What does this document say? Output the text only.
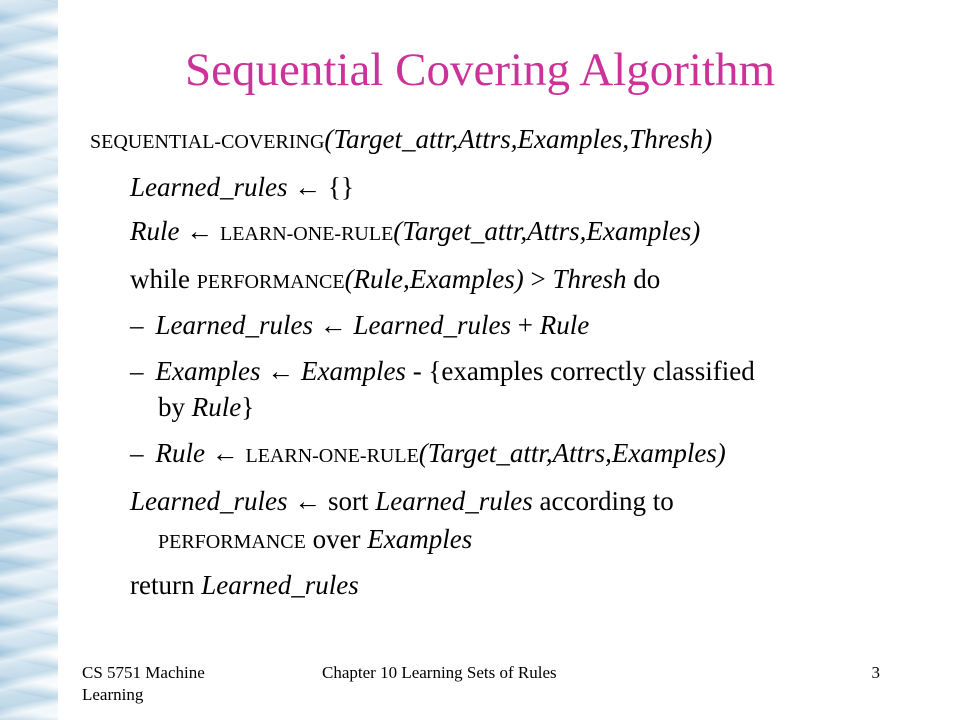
Sequential Covering Algorithm
SEQUENTIAL-COVERING(Target_attr,Attrs,Examples,Thresh)
Learned_rules ← {}
Rule ← LEARN-ONE-RULE(Target_attr,Attrs,Examples)
while PERFORMANCE(Rule,Examples) > Thresh do
– Learned_rules ← Learned_rules + Rule
– Examples ← Examples - {examples correctly classified
by Rule}
– Rule ← LEARN-ONE-RULE(Target_attr,Attrs,Examples)
Learned_rules ← sort Learned_rules according to
PERFORMANCE over Examples
return Learned_rules
CS 5751 Machine Learning
Chapter 10 Learning Sets of Rules	3
